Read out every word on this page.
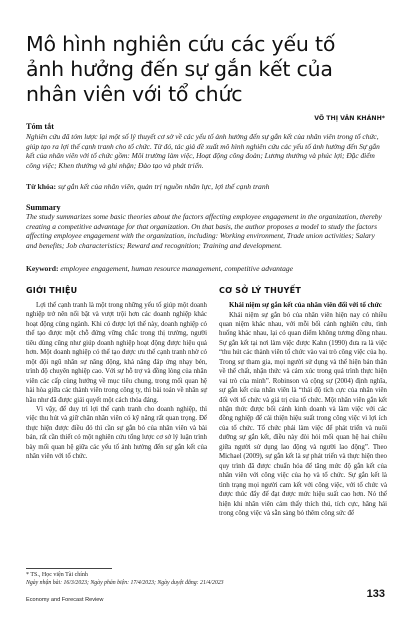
Mô hình nghiên cứu các yếu tố ảnh hưởng đến sự gắn kết của nhân viên với tổ chức
VÕ THỊ VÂN KHÁNH*
Tóm tắt

Nghiên cứu đã tóm lược lại một số lý thuyết cơ sở về các yếu tố ảnh hưởng đến sự gắn kết của nhân viên trong tổ chức, giúp tạo ra lợi thế cạnh tranh cho tổ chức. Từ đó, tác giả đề xuất mô hình nghiên cứu các yếu tố ảnh hưởng đến Sự gắn kết của nhân viên với tổ chức gồm: Môi trường làm việc, Hoạt động công đoàn; Lương thưởng và phúc lợi; Đặc điểm công việc; Khen thưởng và ghi nhận; Đào tạo và phát triển.

Từ khóa: sự gắn kết của nhân viên, quản trị nguồn nhân lực, lợi thế cạnh tranh
Summary

The study summarizes some basic theories about the factors affecting employee engagement in the organization, thereby creating a competitive advantage for that organization. On that basis, the author proposes a model to study the factors affecting employee engagement with the organization, including: Working environment, Trade union activities; Salary and benefits; Job characteristics; Reward and recognition; Training and development.

Keyword: employee engagement, human resource management, competitive advantage
GIỚI THIỆU	CƠ SỞ LÝ THUYẾT

Lợi thế cạnh tranh là một trong những yếu tố giúp một doanh nghiệp trở nên nổi bật và vượt trội hơn các doanh nghiệp khác hoạt động cùng ngành. Khi có được lợi thế này, doanh nghiệp có thể tạo được một chỗ đứng vững chắc trong thị trường, người tiêu dùng cũng như giúp doanh nghiệp hoạt động được hiệu quả hơn. Một doanh nghiệp có thể tạo được ưu thế cạnh tranh nhờ có một đội ngũ nhân sự năng động, khả năng đáp ứng nhạy bén, trình độ chuyên nghiệp cao. Với sự hỗ trợ và đồng lòng của nhân viên các cấp cùng hướng về mục tiêu chung, trong mối quan hệ hài hòa giữa các thành viên trong công ty, thì bài toán về nhân sự hầu như đã được giải quyết một cách thỏa đáng.

Vì vậy, để duy trì lợi thế cạnh tranh cho doanh nghiệp, thì việc thu hút và giữ chân nhân viên có kỹ năng rất quan trọng. Để thực hiện được điều đó thì cần sự gắn bó của nhân viên và bài bản, rất cần thiết có một nghiên cứu tổng lược cơ sở lý luận trình bày mối quan hệ giữa các yếu tố ảnh hưởng đến sự gắn kết của nhân viên với tổ chức.

Khái niệm sự gắn kết của nhân viên đối với tổ chức

Khái niệm sự gắn bó của nhân viên hiện nay có nhiều quan niệm khác nhau, với mỗi bối cảnh nghiên cứu, tình huống khác nhau, lại có quan điểm không tương đồng nhau. Sự gắn kết tại nơi làm việc được Kahn (1990) đưa ra là việc “thu hút các thành viên tổ chức vào vai trò công việc của họ. Trong sự tham gia, mọi người sử dụng và thể hiện bản thân về thể chất, nhận thức và cảm xúc trong quá trình thực hiện vai trò của mình”. Robinson và cộng sự (2004) định nghĩa, sự gắn kết của nhân viên là “thái độ tích cực của nhân viên đối với tổ chức và giá trị của tổ chức. Một nhân viên gắn kết nhận thức được bối cảnh kinh doanh và làm việc với các đồng nghiệp để cải thiện hiệu suất trong công việc vì lợi ích của tổ chức. Tổ chức phải làm việc để phát triển và nuôi dưỡng sự gắn kết, điều này đòi hỏi mối quan hệ hai chiều giữa người sử dụng lao động và người lao động”. Theo Michael (2009), sự gắn kết là sự phát triển và thực hiện theo quy trình đã được chuẩn hóa để tăng mức độ gắn kết của nhân viên với công việc của họ và tổ chức. Sự gắn kết là tình trạng mọi người cam kết với công việc, với tổ chức và được thúc đẩy để đạt được mức hiệu suất cao hơn. Nó thể hiện khi nhân viên cảm thấy thích thú, tích cực, hăng hái trong công việc và sẵn sàng bỏ thêm công sức để

* TS., Học viện Tài chính
Ngày nhận bài: 16/3/2023; Ngày phản biện: 17/4/2023; Ngày duyệt đăng: 21/4/2023
Economy and Forecast Review	133
